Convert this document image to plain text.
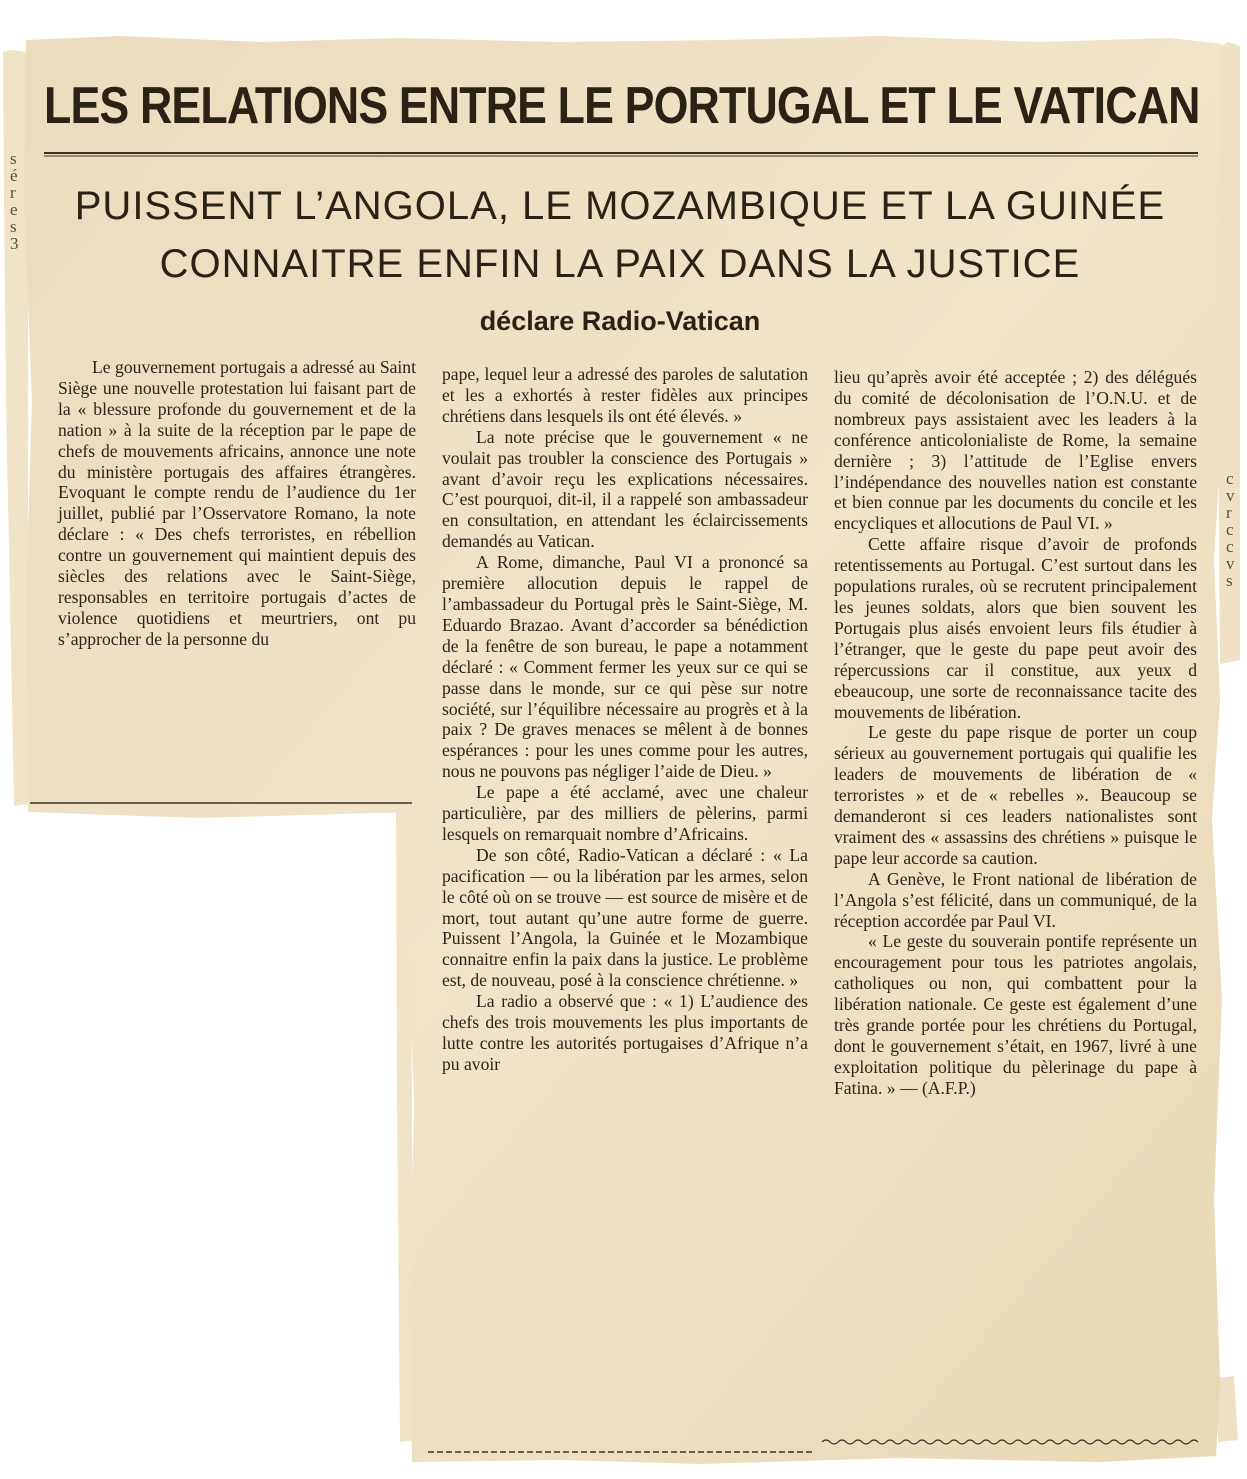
s
é
r
e
s
3
c
v
r
c
c
v
s
LES RELATIONS ENTRE LE PORTUGAL ET LE VATICAN
PUISSENT L’ANGOLA, LE MOZAMBIQUE ET LA GUINÉE
CONNAITRE ENFIN LA PAIX DANS LA JUSTICE
déclare Radio-Vatican

Le gouvernement portugais a adressé au Saint Siège une nouvelle protestation lui faisant part de la « blessure profonde du gouvernement et de la nation » à la suite de la réception par le pape de chefs de mouvements africains, annonce une note du ministère portugais des affaires étrangères. Evoquant le compte rendu de l’audience du 1er juillet, publié par l’Osservatore Romano, la note déclare : « Des chefs terroristes, en rébellion contre un gouvernement qui maintient depuis des siècles des relations avec le Saint-Siège, responsables en territoire portugais d’actes de violence quotidiens et meurtriers, ont pu s’approcher de la personne du

pape, lequel leur a adressé des paroles de salutation et les a exhortés à rester fidèles aux principes chrétiens dans lesquels ils ont été élevés. »

La note précise que le gouvernement « ne voulait pas troubler la conscience des Portugais » avant d’avoir reçu les explications nécessaires. C’est pourquoi, dit-il, il a rappelé son ambassadeur en consultation, en attendant les éclaircissements demandés au Vatican.

A Rome, dimanche, Paul VI a prononcé sa première allocution depuis le rappel de l’ambassadeur du Portugal près le Saint-Siège, M. Eduardo Brazao. Avant d’accorder sa bénédiction de la fenêtre de son bureau, le pape a notamment déclaré : « Comment fermer les yeux sur ce qui se passe dans le monde, sur ce qui pèse sur notre société, sur l’équilibre nécessaire au progrès et à la paix ? De graves menaces se mêlent à de bonnes espérances : pour les unes comme pour les autres, nous ne pouvons pas négliger l’aide de Dieu. »

Le pape a été acclamé, avec une chaleur particulière, par des milliers de pèlerins, parmi lesquels on remarquait nombre d’Africains.

De son côté, Radio-Vatican a déclaré : « La pacification — ou la libération par les armes, selon le côté où on se trouve — est source de misère et de mort, tout autant qu’une autre forme de guerre. Puissent l’Angola, la Guinée et le Mozambique connaitre enfin la paix dans la justice. Le problème est, de nouveau, posé à la conscience chrétienne. »

La radio a observé que : « 1) L’audience des chefs des trois mouvements les plus importants de lutte contre les autorités portugaises d’Afrique n’a pu avoir

lieu qu’après avoir été acceptée ; 2) des délégués du comité de décolonisation de l’O.N.U. et de nombreux pays assistaient avec les leaders à la conférence anticolonialiste de Rome, la semaine dernière ; 3) l’attitude de l’Eglise envers l’indépendance des nouvelles nation est constante et bien connue par les documents du concile et les encycliques et allocutions de Paul VI. »

Cette affaire risque d’avoir de profonds retentissements au Portugal. C’est surtout dans les populations rurales, où se recrutent principalement les jeunes soldats, alors que bien souvent les Portugais plus aisés envoient leurs fils étudier à l’étranger, que le geste du pape peut avoir des répercussions car il constitue, aux yeux d ebeaucoup, une sorte de reconnaissance tacite des mouvements de libération.

Le geste du pape risque de porter un coup sérieux au gouvernement portugais qui qualifie les leaders de mouvements de libération de « terroristes » et de « rebelles ». Beaucoup se demanderont si ces leaders nationalistes sont vraiment des « assassins des chrétiens » puisque le pape leur accorde sa caution.

A Genève, le Front national de libération de l’Angola s’est félicité, dans un communiqué, de la réception accordée par Paul VI.

« Le geste du souverain pontife représente un encouragement pour tous les patriotes angolais, catholiques ou non, qui combattent pour la libération nationale. Ce geste est également d’une très grande portée pour les chrétiens du Portugal, dont le gouvernement s’était, en 1967, livré à une exploitation politique du pèlerinage du pape à Fatina. » — (A.F.P.)
